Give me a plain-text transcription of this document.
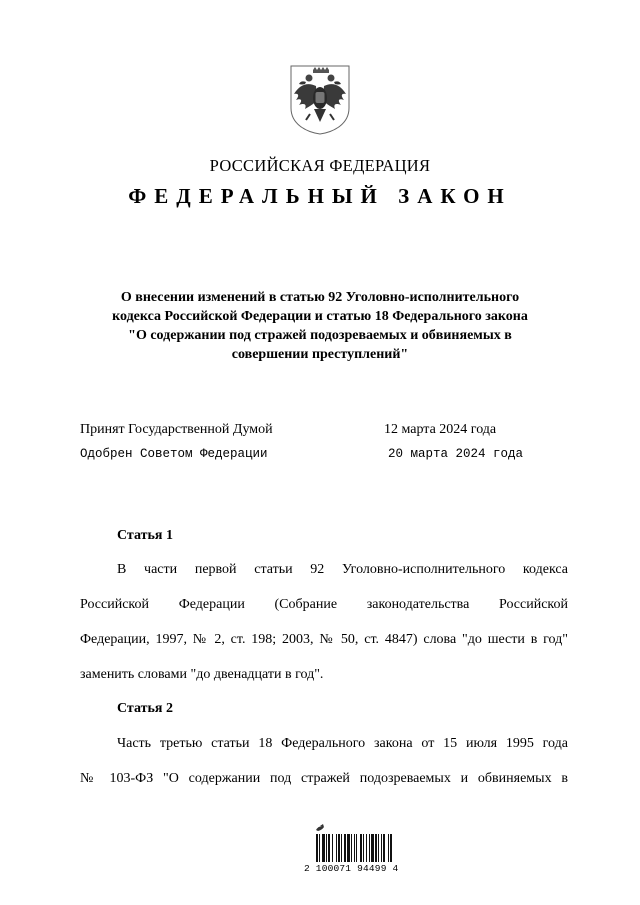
РОССИЙСКАЯ ФЕДЕРАЦИЯ
ФЕДЕРАЛЬНЫЙ ЗАКОН
О внесении изменений в статью 92 Уголовно-исполнительного
кодекса Российской Федерации и статью 18 Федерального закона
"О содержании под стражей подозреваемых и обвиняемых в
совершении преступлений"
Принят Государственной Думой	12 марта 2024 года
Одобрен Советом Федерации	20 марта 2024 года
Статья 1
В части первой статьи 92 Уголовно-исполнительного кодекса
Российской Федерации (Собрание законодательства Российской
Федерации, 1997, № 2, ст. 198; 2003, № 50, ст. 4847) слова "до шести в год"
заменить словами "до двенадцати в год".
Статья 2
Часть третью статьи 18 Федерального закона от 15 июля 1995 года
№ 103-ФЗ "О содержании под стражей подозреваемых и обвиняемых в
2 100071 94499 4
